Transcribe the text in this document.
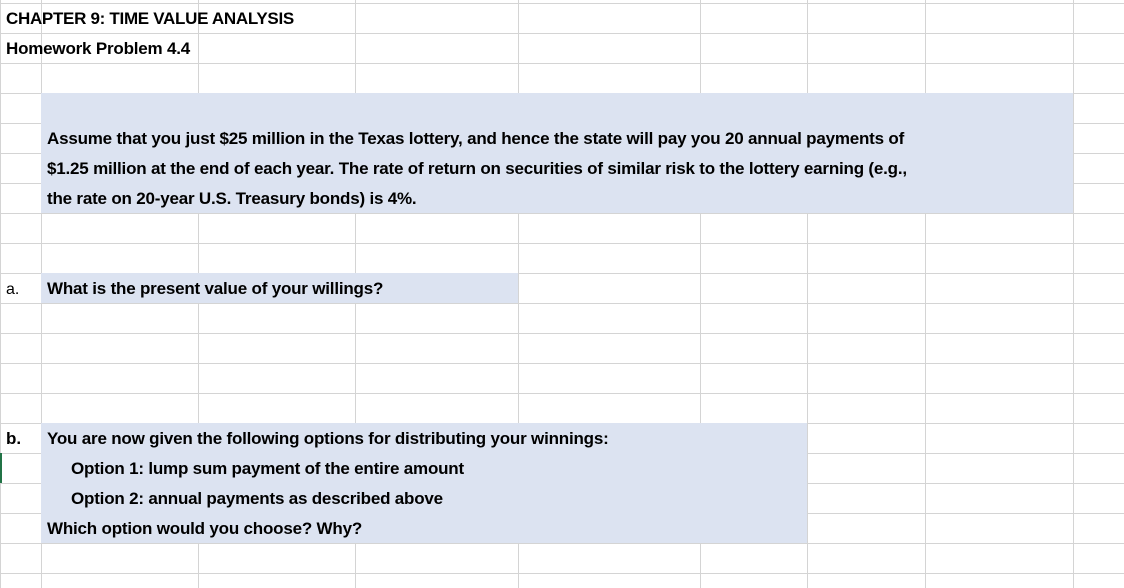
CHAPTER 9: TIME VALUE ANALYSIS
Homework Problem 4.4
Assume that you just $25 million in the Texas lottery, and hence the state will pay you 20 annual payments of
$1.25 million at the end of each year. The rate of return on securities of similar risk to the lottery earning (e.g.,
the rate on 20-year U.S. Treasury bonds) is 4%.
a. What is the present value of your willings?
b. You are now given the following options for distributing your winnings:
Option 1: lump sum payment of the entire amount
Option 2: annual payments as described above
Which option would you choose? Why?
